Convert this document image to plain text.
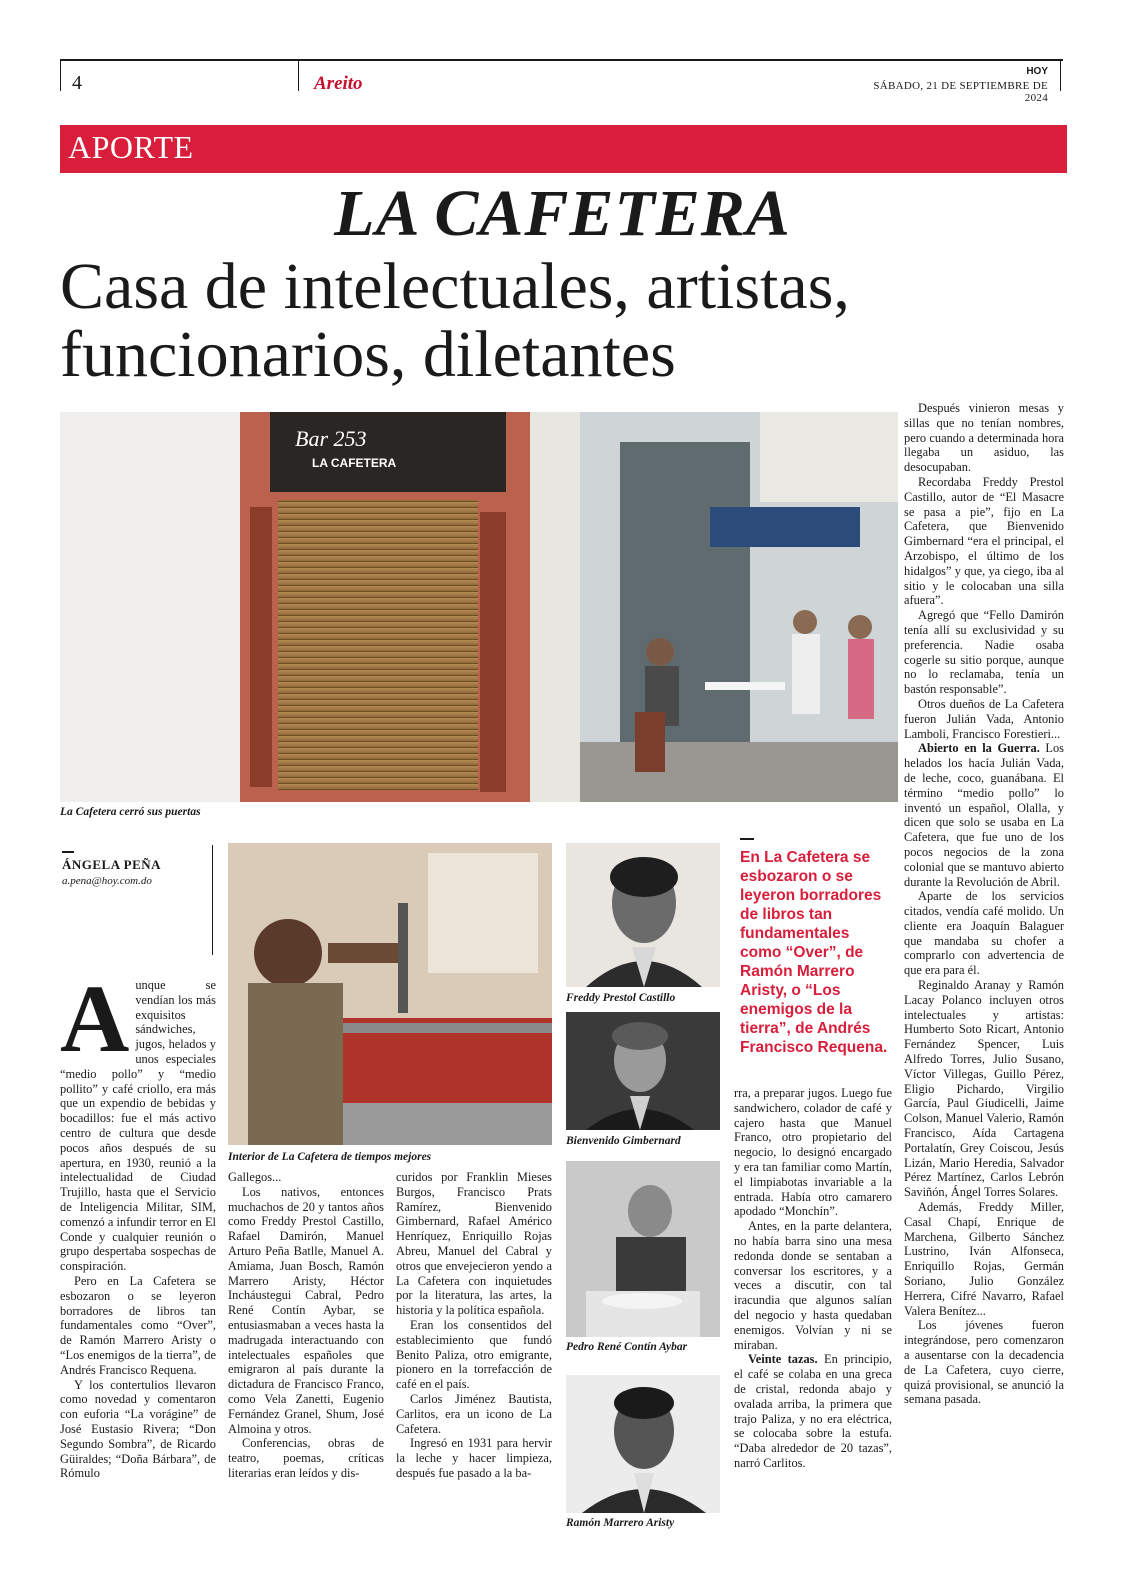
4	Areito
HOY
SÁBADO, 21 DE SEPTIEMBRE DE 2024
APORTE
LA CAFETERA
Casa de intelectuales, artistas,
funcionarios, diletantes
Bar 253
LA CAFETERA
La Cafetera cerró sus puertas
ÁNGELA PEÑA
a.pena@hoy.com.do
A unque se vendían los más exquisitos sándwiches, jugos, helados y unos especiales “medio pollo” y “medio pollito” y café criollo, era más que un expendio de bebidas y bocadillos: fue el más activo centro de cultura que desde pocos años después de su apertura, en 1930, reunió a la intelectualidad de Ciudad Trujillo, hasta que el Servicio de Inteligencia Militar, SIM, comenzó a infundir terror en El Conde y cualquier reunión o grupo despertaba sospechas de conspiración.

Pero en La Cafetera se esbozaron o se leyeron borradores de libros tan fundamentales como “Over”, de Ramón Marrero Aristy o “Los enemigos de la tierra”, de Andrés Francisco Requena.

Y los contertulios llevaron como novedad y comentaron con euforia “La vorágine” de José Eustasio Rivera; “Don Segundo Sombra”, de Ricardo Güiraldes; “Doña Bárbara”, de Rómulo

Interior de La Cafetera de tiempos mejores

Gallegos...

Los nativos, entonces muchachos de 20 y tantos años como Freddy Prestol Castillo, Rafael Damirón, Manuel Arturo Peña Batlle, Manuel A. Amiama, Juan Bosch, Ramón Marrero Aristy, Héctor Incháustegui Cabral, Pedro René Contín Aybar, se entusiasmaban a veces hasta la madrugada interactuando con intelectuales españoles que emigraron al país durante la dictadura de Francisco Franco, como Vela Zanetti, Eugenio Fernández Granel, Shum, José Almoina y otros.

Conferencias, obras de teatro, poemas, críticas literarias eran leídos y dis-

curidos por Franklin Mieses Burgos, Francisco Prats Ramírez, Bienvenido Gimbernard, Rafael Américo Henríquez, Enriquillo Rojas Abreu, Manuel del Cabral y otros que envejecieron yendo a La Cafetera con inquietudes por la literatura, las artes, la historia y la política española.

Eran los consentidos del establecimiento que fundó Benito Paliza, otro emigrante, pionero en la torrefacción de café en el país.

Carlos Jiménez Bautista, Carlitos, era un icono de La Cafetera.

Ingresó en 1931 para hervir la leche y hacer limpieza, después fue pasado a la ba-

Freddy Prestol Castillo
Bienvenido Gimbernard
Pedro René Contín Aybar
Ramón Marrero Aristy
En La Cafetera se esbozaron o se leyeron borradores de libros tan fundamentales como “Over”, de Ramón Marrero Aristy, o “Los enemigos de la tierra”, de Andrés Francisco Requena.

rra, a preparar jugos. Luego fue sandwichero, colador de café y cajero hasta que Manuel Franco, otro propietario del negocio, lo designó encargado y era tan familiar como Martín, el limpiabotas invariable a la entrada. Había otro camarero apodado “Monchín”.

Antes, en la parte delantera, no había barra sino una mesa redonda donde se sentaban a conversar los escritores, y a veces a discutir, con tal iracundia que algunos salían del negocio y hasta quedaban enemigos. Volvían y ni se miraban.

Veinte tazas. En principio, el café se colaba en una greca de cristal, redonda abajo y ovalada arriba, la primera que trajo Paliza, y no era eléctrica, se colocaba sobre la estufa. “Daba alrededor de 20 tazas”, narró Carlitos.

Después vinieron mesas y sillas que no tenían nombres, pero cuando a determinada hora llegaba un asiduo, las desocupaban.

Recordaba Freddy Prestol Castillo, autor de “El Masacre se pasa a pie”, fijo en La Cafetera, que Bienvenido Gimbernard “era el principal, el Arzobispo, el último de los hidalgos” y que, ya ciego, iba al sitio y le colocaban una silla afuera”.

Agregó que “Fello Damirón tenía allí su exclusividad y su preferencia. Nadie osaba cogerle su sitio porque, aunque no lo reclamaba, tenía un bastón responsable”.

Otros dueños de La Cafetera fueron Julián Vada, Antonio Lamboli, Francisco Forestieri...

Abierto en la Guerra. Los helados los hacía Julián Vada, de leche, coco, guanábana. El término “medio pollo” lo inventó un español, Olalla, y dicen que solo se usaba en La Cafetera, que fue uno de los pocos negocios de la zona colonial que se mantuvo abierto durante la Revolución de Abril.

Aparte de los servicios citados, vendía café molido. Un cliente era Joaquín Balaguer que mandaba su chofer a comprarlo con advertencia de que era para él.

Reginaldo Aranay y Ramón Lacay Polanco incluyen otros intelectuales y artistas: Humberto Soto Ricart, Antonio Fernández Spencer, Luis Alfredo Torres, Julio Susano, Víctor Villegas, Guillo Pérez, Eligio Pichardo, Virgilio García, Paul Giudicelli, Jaime Colson, Manuel Valerio, Ramón Francisco, Aída Cartagena Portalatín, Grey Coiscou, Jesús Lizán, Mario Heredia, Salvador Pérez Martínez, Carlos Lebrón Saviñón, Ángel Torres Solares.

Además, Freddy Miller, Casal Chapí, Enrique de Marchena, Gilberto Sánchez Lustrino, Iván Alfonseca, Enriquillo Rojas, Germán Soriano, Julio González Herrera, Cifré Navarro, Rafael Valera Benítez...

Los jóvenes fueron integrándose, pero comenzaron a ausentarse con la decadencia de La Cafetera, cuyo cierre, quizá provisional, se anunció la semana pasada.
